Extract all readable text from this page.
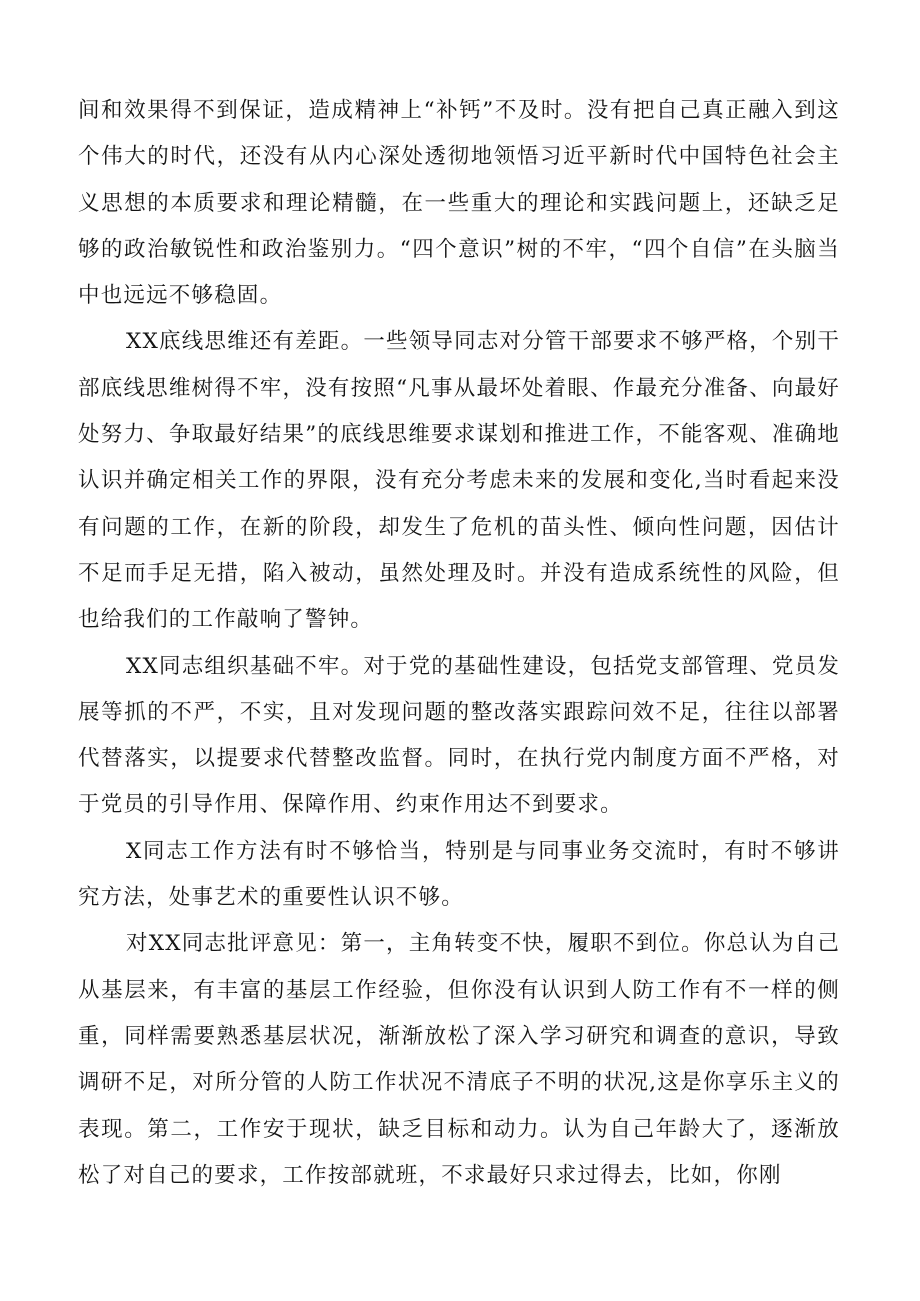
间和效果得不到保证，造成精神上“补钙”不及时。没有把自己真正融入到这个伟大的时代，还没有从内心深处透彻地领悟习近平新时代中国特色社会主义思想的本质要求和理论精髓，在一些重大的理论和实践问题上，还缺乏足够的政治敏锐性和政治鉴别力。“四个意识”树的不牢，“四个自信”在头脑当中也远远不够稳固。

XX底线思维还有差距。一些领导同志对分管干部要求不够严格，个别干部底线思维树得不牢，没有按照“凡事从最坏处着眼、作最充分准备、向最好处努力、争取最好结果”的底线思维要求谋划和推进工作，不能客观、准确地认识并确定相关工作的界限，没有充分考虑未来的发展和变化,当时看起来没有问题的工作，在新的阶段，却发生了危机的苗头性、倾向性问题，因估计不足而手足无措，陷入被动，虽然处理及时。并没有造成系统性的风险，但也给我们的工作敲响了警钟。

XX同志组织基础不牢。对于党的基础性建设，包括党支部管理、党员发展等抓的不严，不实，且对发现问题的整改落实跟踪问效不足，往往以部署代替落实，以提要求代替整改监督。同时，在执行党内制度方面不严格，对于党员的引导作用、保障作用、约束作用达不到要求。

X同志工作方法有时不够恰当，特别是与同事业务交流时，有时不够讲究方法，处事艺术的重要性认识不够。

对XX同志批评意见：第一，主角转变不快，履职不到位。你总认为自己从基层来，有丰富的基层工作经验，但你没有认识到人防工作有不一样的侧重，同样需要熟悉基层状况，渐渐放松了深入学习研究和调查的意识，导致调研不足，对所分管的人防工作状况不清底子不明的状况,这是你享乐主义的表现。第二，工作安于现状，缺乏目标和动力。认为自己年龄大了，逐渐放松了对自己的要求，工作按部就班，不求最好只求过得去，比如，你刚
